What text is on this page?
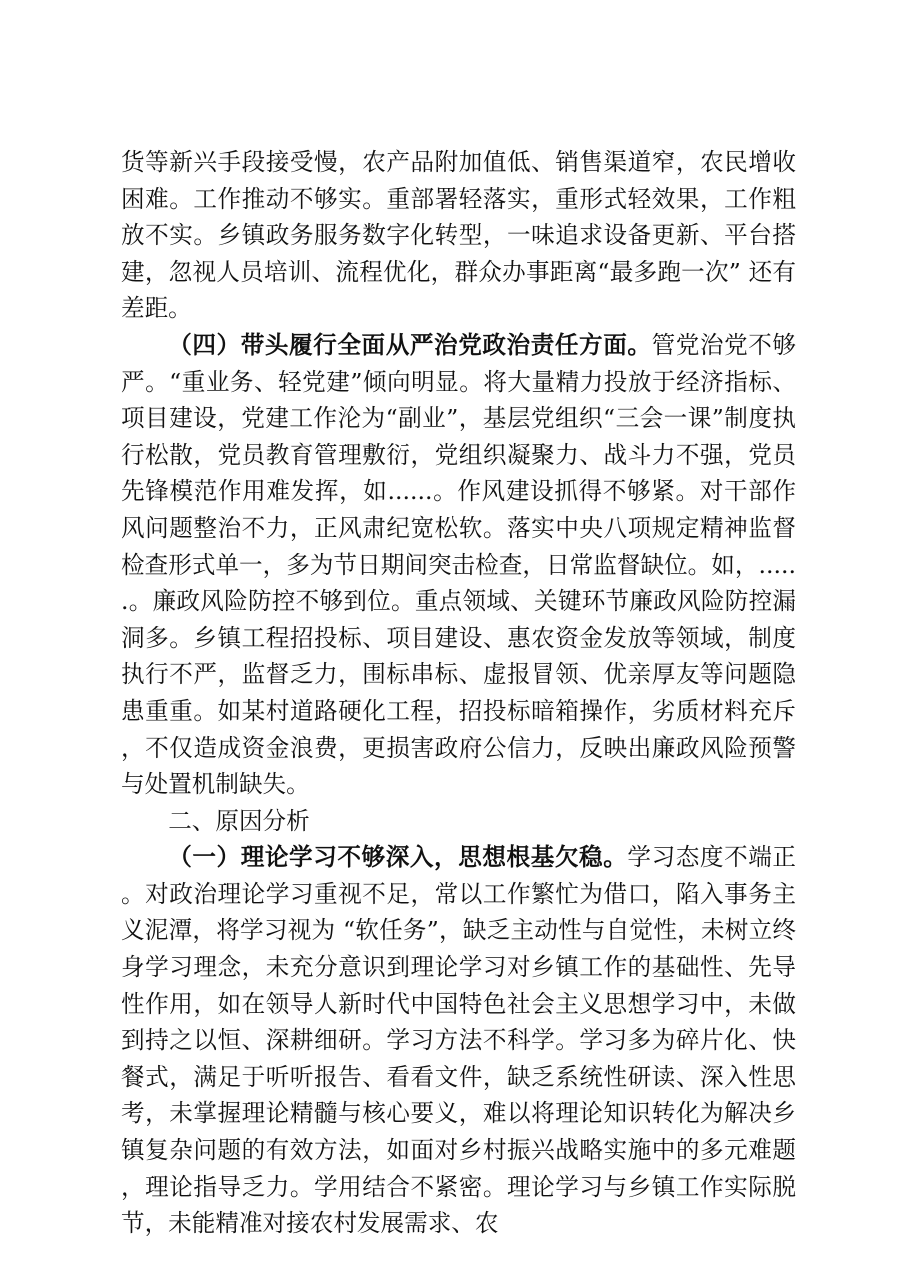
货等新兴手段接受慢，农产品附加值低、销售渠道窄，农民增收困难。工作推动不够实。重部署轻落实，重形式轻效果，工作粗放不实。乡镇政务服务数字化转型，一味追求设备更新、平台搭建，忽视人员培训、流程优化，群众办事距离“最多跑一次” 还有差距。

（四）带头履行全面从严治党政治责任方面。管党治党不够严。“重业务、轻党建”倾向明显。将大量精力投放于经济指标、项目建设，党建工作沦为“副业”，基层党组织“三会一课”制度执行松散，党员教育管理敷衍，党组织凝聚力、战斗力不强，党员先锋模范作用难发挥，如......。作风建设抓得不够紧。对干部作风问题整治不力，正风肃纪宽松软。落实中央八项规定精神监督检查形式单一，多为节日期间突击检查，日常监督缺位。如，......。廉政风险防控不够到位。重点领域、关键环节廉政风险防控漏洞多。乡镇工程招投标、项目建设、惠农资金发放等领域，制度执行不严，监督乏力，围标串标、虚报冒领、优亲厚友等问题隐患重重。如某村道路硬化工程，招投标暗箱操作，劣质材料充斥，不仅造成资金浪费，更损害政府公信力，反映出廉政风险预警与处置机制缺失。

二、原因分析

（一）理论学习不够深入，思想根基欠稳。学习态度不端正。对政治理论学习重视不足，常以工作繁忙为借口，陷入事务主义泥潭，将学习视为 “软任务”，缺乏主动性与自觉性，未树立终身学习理念，未充分意识到理论学习对乡镇工作的基础性、先导性作用，如在领导人新时代中国特色社会主义思想学习中，未做到持之以恒、深耕细研。学习方法不科学。学习多为碎片化、快餐式，满足于听听报告、看看文件，缺乏系统性研读、深入性思考，未掌握理论精髓与核心要义，难以将理论知识转化为解决乡镇复杂问题的有效方法，如面对乡村振兴战略实施中的多元难题，理论指导乏力。学用结合不紧密。理论学习与乡镇工作实际脱节，未能精准对接农村发展需求、农
